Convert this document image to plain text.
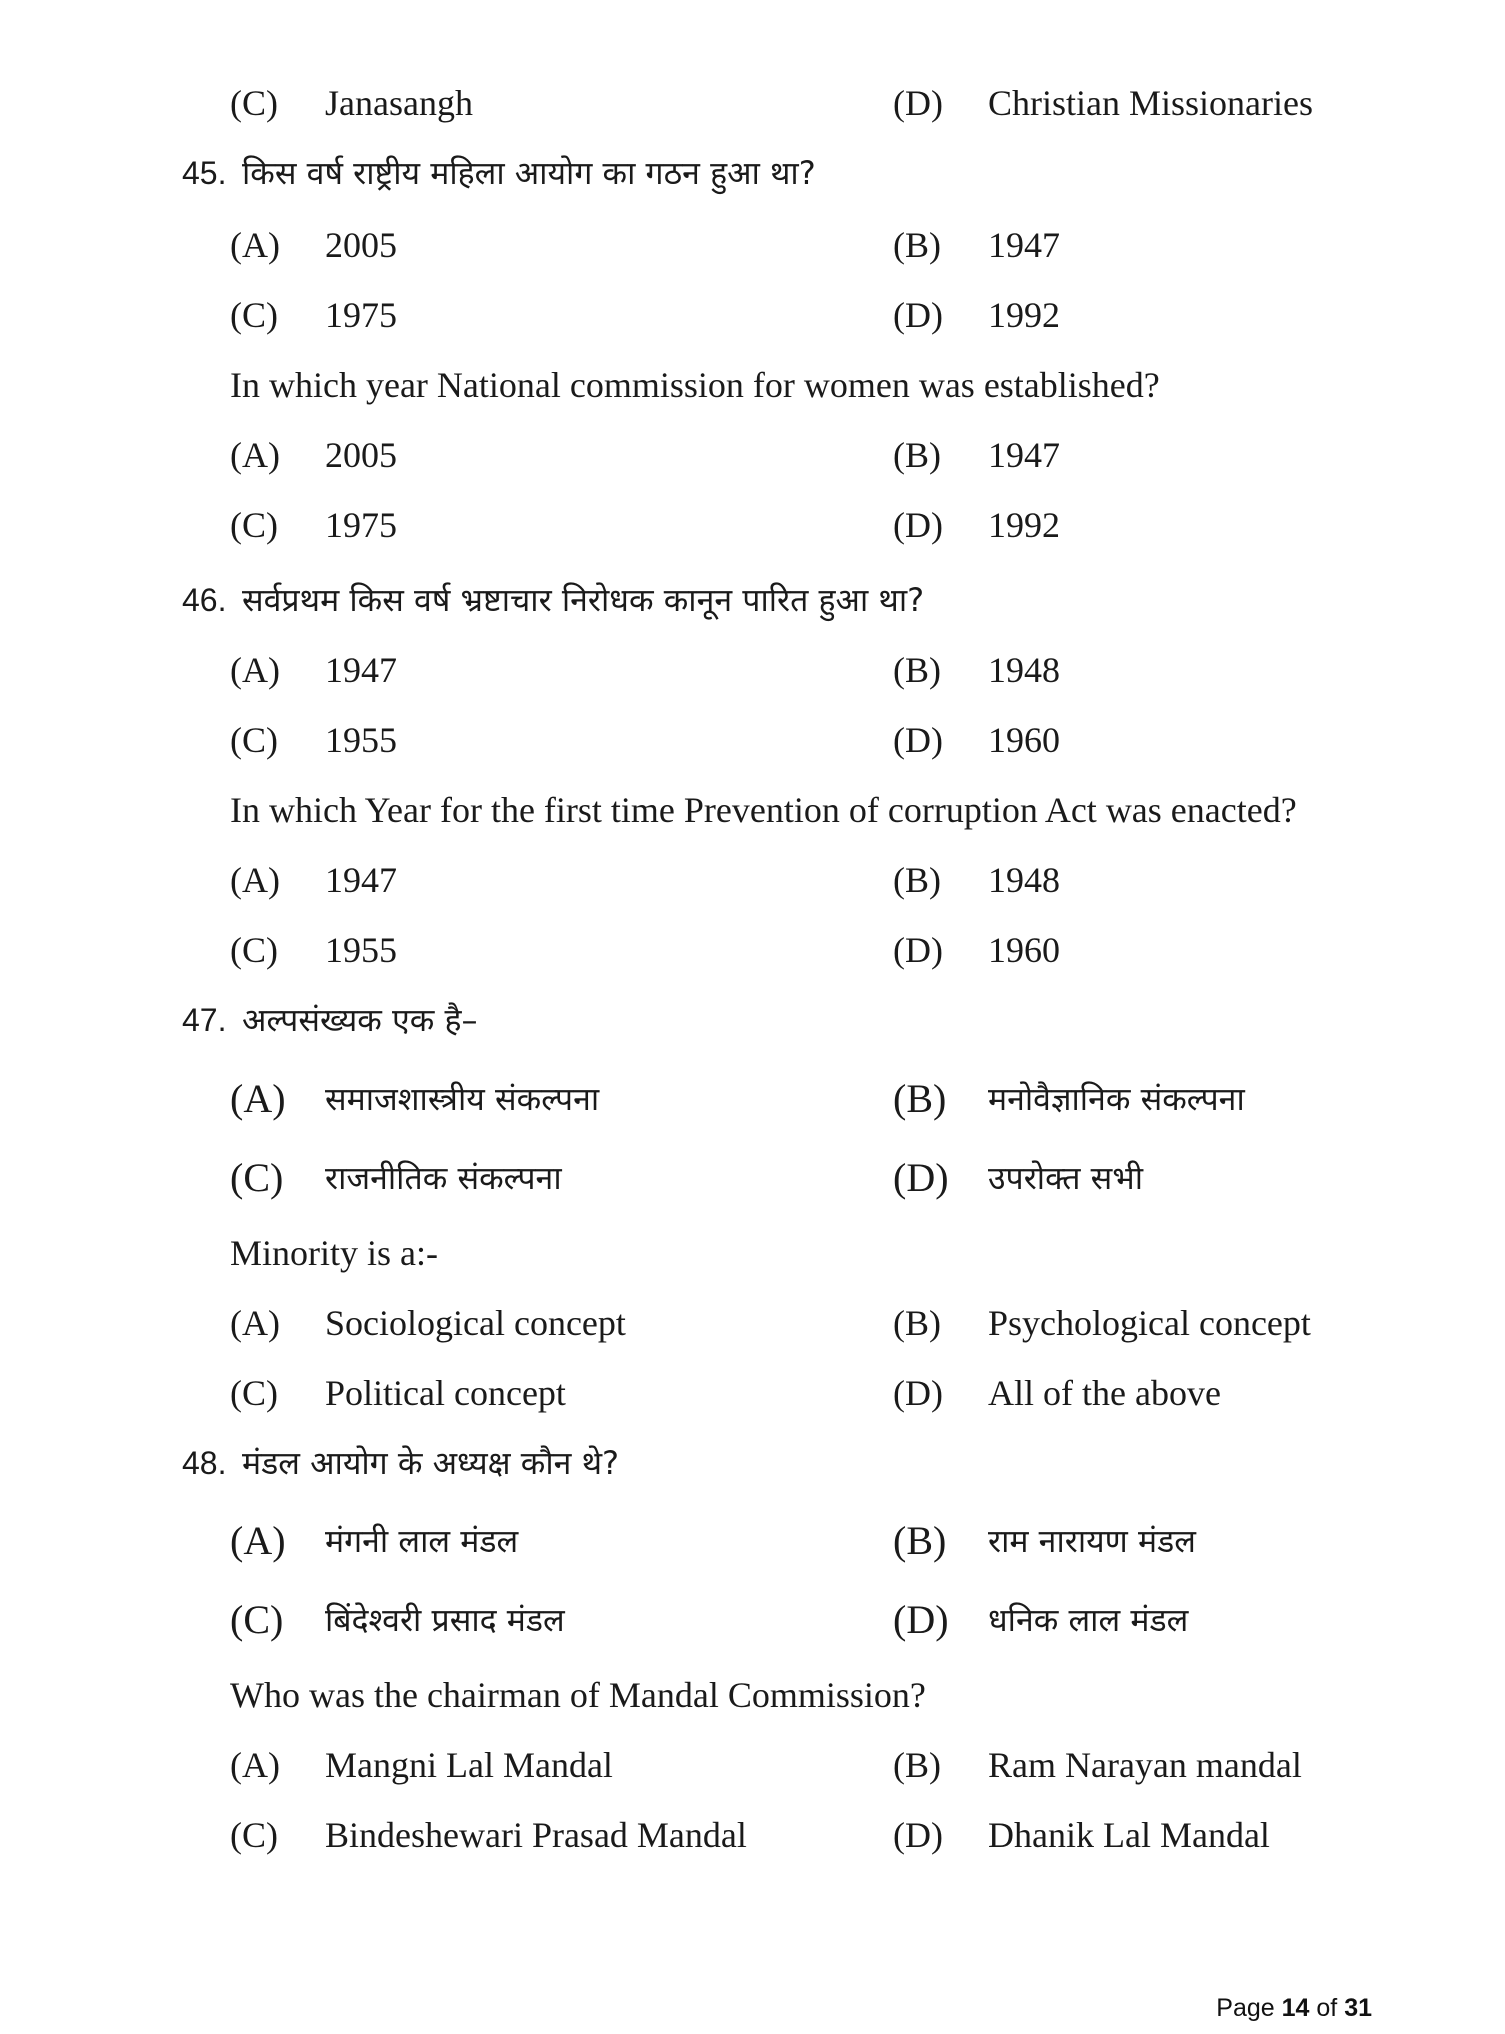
(C) Janasangh	(D) Christian Missionaries
45. किस वर्ष राष्ट्रीय महिला आयोग का गठन हुआ था?
(A) 2005	(B) 1947
(C) 1975	(D) 1992
In which year National commission for women was established?
(A) 2005	(B) 1947
(C) 1975	(D) 1992
46. सर्वप्रथम किस वर्ष भ्रष्टाचार निरोधक कानून पारित हुआ था?
(A) 1947	(B) 1948
(C) 1955	(D) 1960
In which Year for the first time Prevention of corruption Act was enacted?
(A) 1947	(B) 1948
(C) 1955	(D) 1960
47. अल्पसंख्यक एक है–
(A) समाजशास्त्रीय संकल्पना	(B) मनोवैज्ञानिक संकल्पना
(C) राजनीतिक संकल्पना	(D) उपरोक्त सभी
Minority is a:-
(A) Sociological concept	(B) Psychological concept
(C) Political concept	(D) All of the above
48. मंडल आयोग के अध्यक्ष कौन थे?
(A) मंगनी लाल मंडल	(B) राम नारायण मंडल
(C) बिंदेश्वरी प्रसाद मंडल	(D) धनिक लाल मंडल
Who was the chairman of Mandal Commission?
(A) Mangni Lal Mandal	(B) Ram Narayan mandal
(C) Bindeshewari Prasad Mandal	(D) Dhanik Lal Mandal
Page 14 of 31
